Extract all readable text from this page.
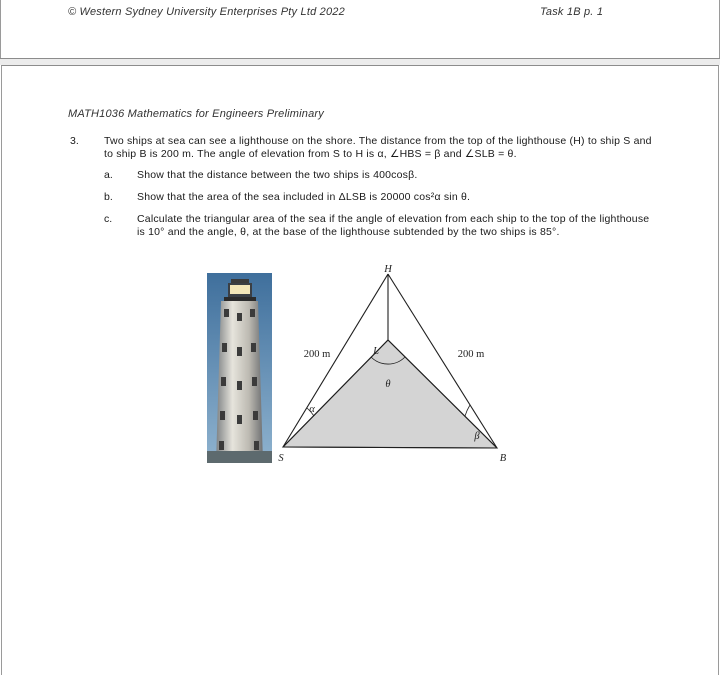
© Western Sydney University Enterprises Pty Ltd 2022	Task 1B p. 1
MATH1036 Mathematics for Engineers Preliminary
3. Two ships at sea can see a lighthouse on the shore. The distance from the top of the lighthouse (H) to ship S and to ship B is 200 m. The angle of elevation from S to H is α, ∠HBS = β and ∠SLB = θ.
a. Show that the distance between the two ships is 400cosβ.
b. Show that the area of the sea included in ΔLSB is 20000 cos²α sin θ.
c. Calculate the triangular area of the sea if the angle of elevation from each ship to the top of the lighthouse is 10° and the angle, θ, at the base of the lighthouse subtended by the two ships is 85°.
H
L
S	B
200 m	200 m
θ
α
β
